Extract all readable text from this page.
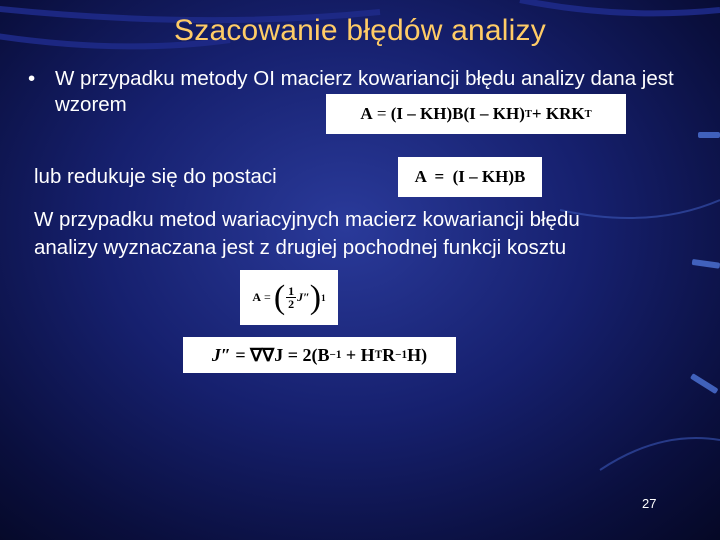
Szacowanie błędów analizy
• W przypadku metody OI macierz kowariancji błędu analizy dana jest wzorem	A
=
(I – KH)B(I – KH) T + KRK T
lub redukuje się do postaci	A  =  (I – KH)B
W przypadku metod wariacyjnych macierz kowariancji błędu
analizy wyznaczana jest z drugiej pochodnej funkcji kosztu
A
=
( $\frac{1}{2} J''$ ) 1
J″ = ∇∇J = 2(B −1 + H T R −1 H)
27
